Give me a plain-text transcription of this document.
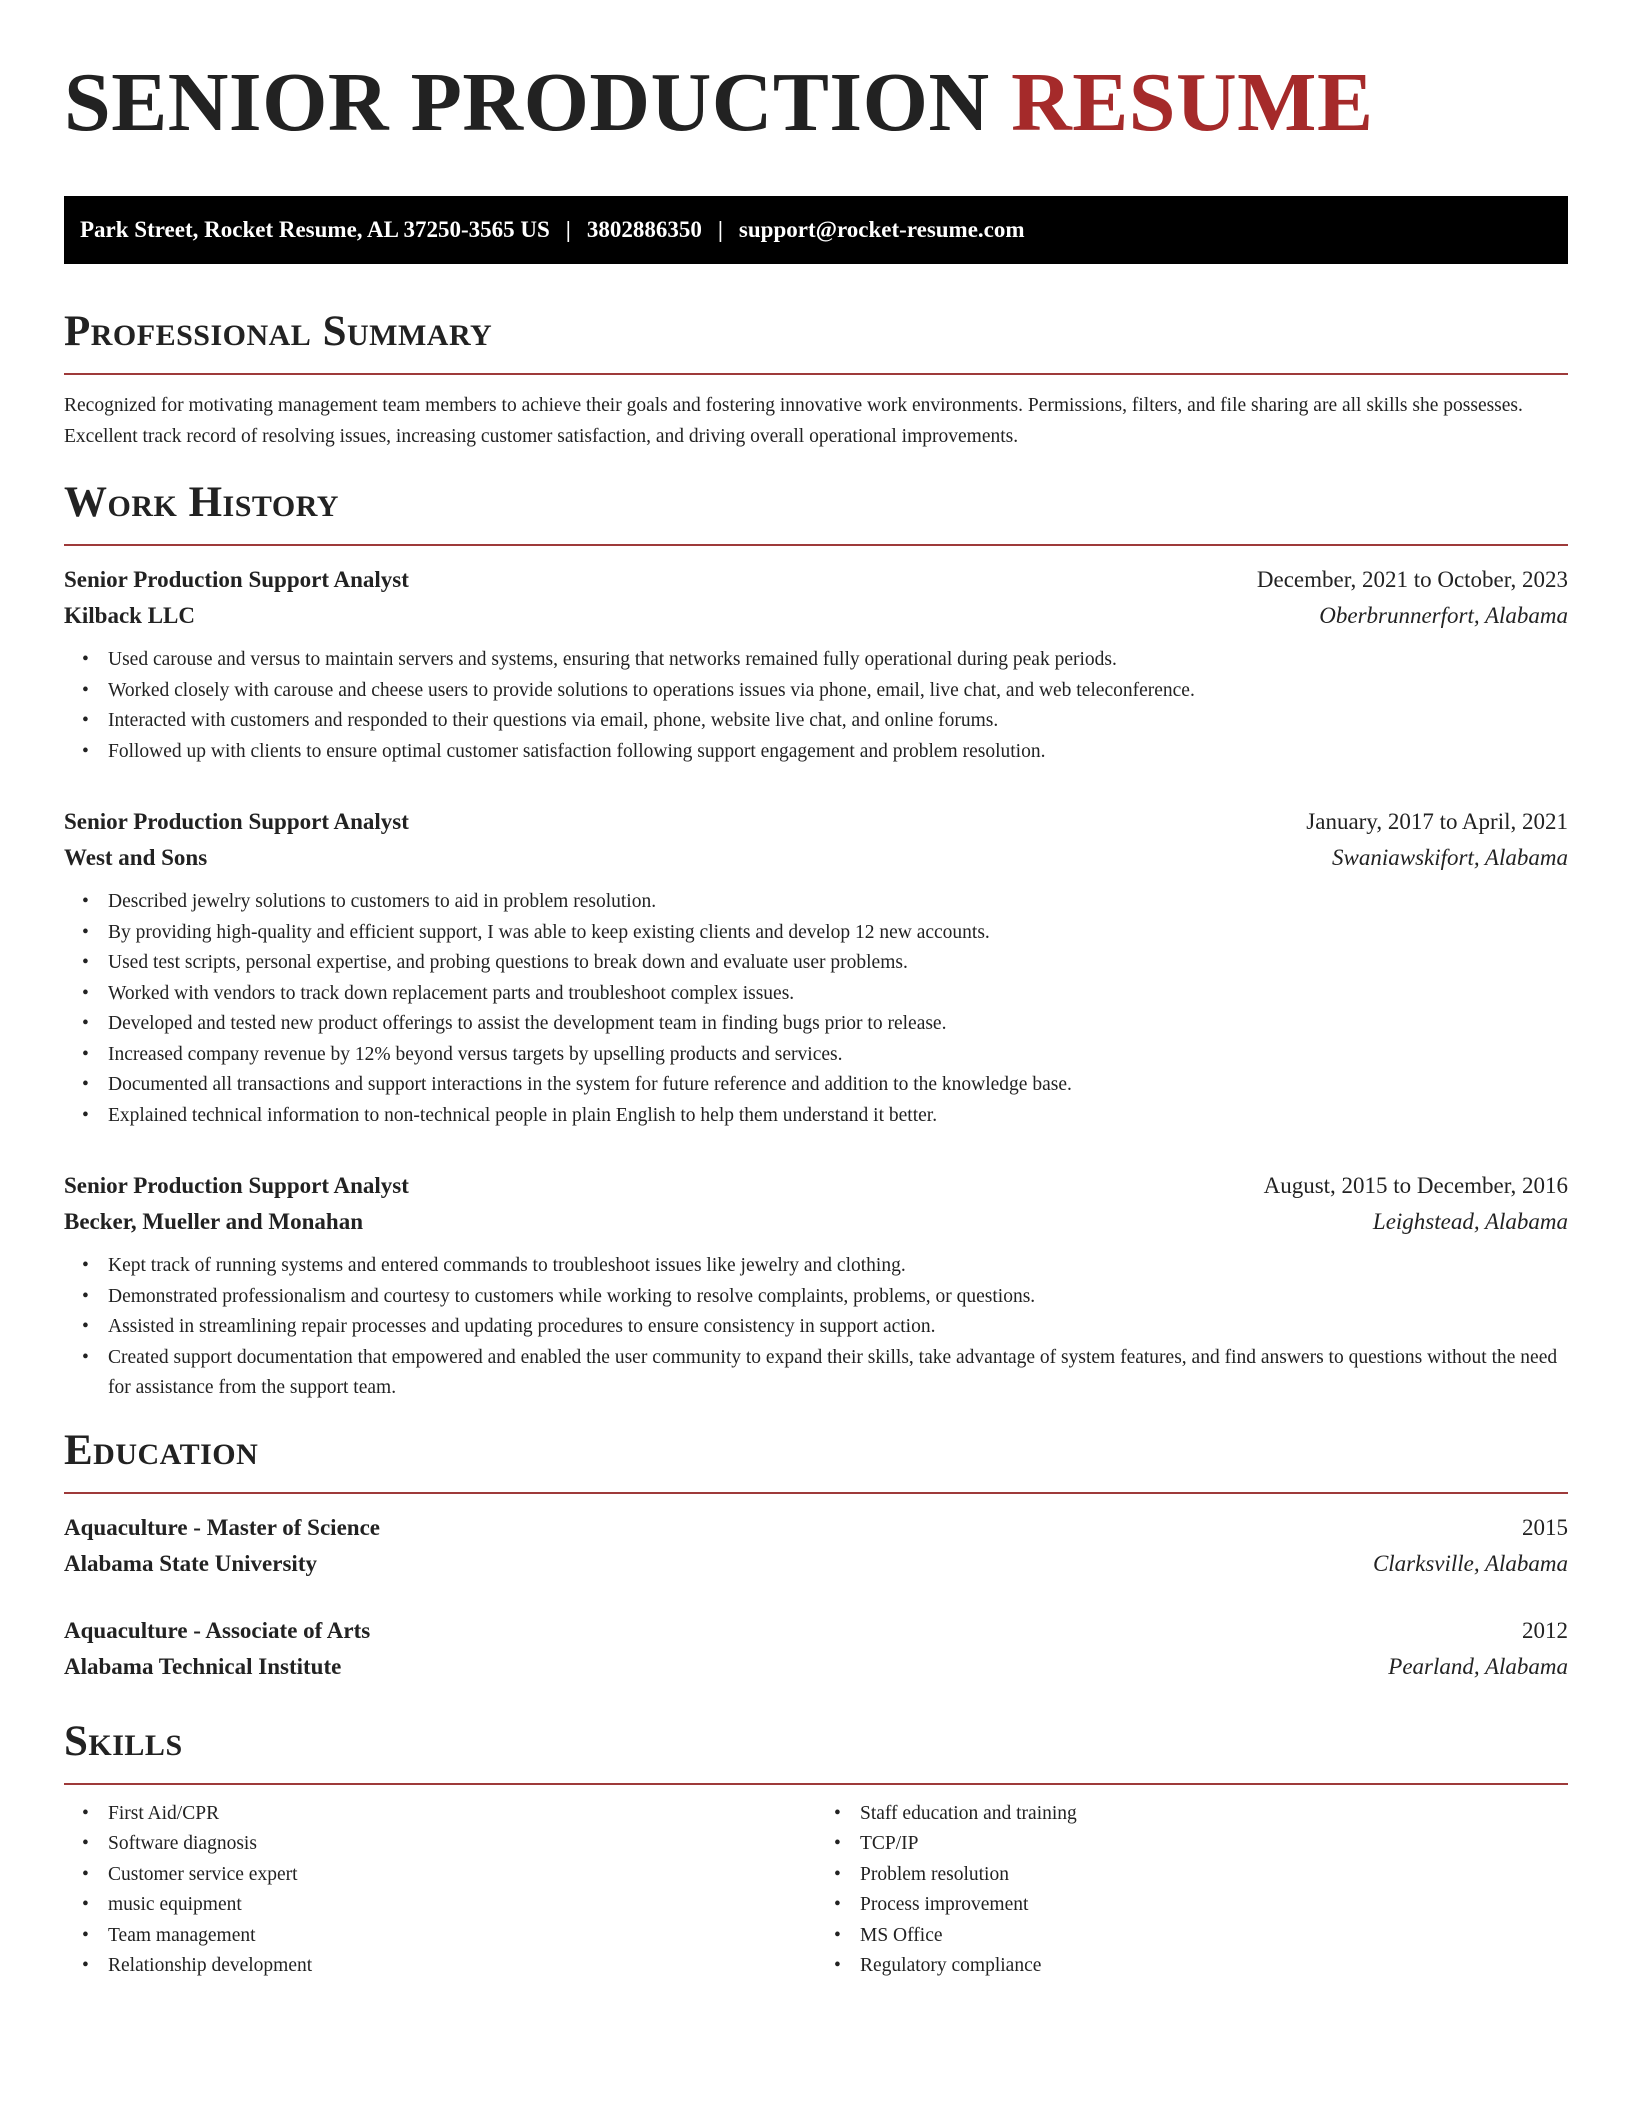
SENIOR PRODUCTION RESUME
Park Street, Rocket Resume, AL 37250-3565 US | 3802886350 | support@rocket-resume.com
Professional Summary

Recognized for motivating management team members to achieve their goals and fostering innovative work environments. Permissions, filters, and file sharing are all skills she possesses. Excellent track record of resolving issues, increasing customer satisfaction, and driving overall operational improvements.

Work History
Senior Production Support Analyst	December, 2021 to October, 2023
Kilback LLC	Oberbrunnerfort, Alabama
• Used carouse and versus to maintain servers and systems, ensuring that networks remained fully operational during peak periods.
• Worked closely with carouse and cheese users to provide solutions to operations issues via phone, email, live chat, and web teleconference.
• Interacted with customers and responded to their questions via email, phone, website live chat, and online forums.
• Followed up with clients to ensure optimal customer satisfaction following support engagement and problem resolution.
Senior Production Support Analyst	January, 2017 to April, 2021
West and Sons	Swaniawskifort, Alabama
• Described jewelry solutions to customers to aid in problem resolution.
• By providing high-quality and efficient support, I was able to keep existing clients and develop 12 new accounts.
• Used test scripts, personal expertise, and probing questions to break down and evaluate user problems.
• Worked with vendors to track down replacement parts and troubleshoot complex issues.
• Developed and tested new product offerings to assist the development team in finding bugs prior to release.
• Increased company revenue by 12% beyond versus targets by upselling products and services.
• Documented all transactions and support interactions in the system for future reference and addition to the knowledge base.
• Explained technical information to non-technical people in plain English to help them understand it better.
Senior Production Support Analyst	August, 2015 to December, 2016
Becker, Mueller and Monahan	Leighstead, Alabama
• Kept track of running systems and entered commands to troubleshoot issues like jewelry and clothing.
• Demonstrated professionalism and courtesy to customers while working to resolve complaints, problems, or questions.
• Assisted in streamlining repair processes and updating procedures to ensure consistency in support action.
• Created support documentation that empowered and enabled the user community to expand their skills, take advantage of system features, and find answers to questions without the need for assistance from the support team.
Education
Aquaculture - Master of Science	2015
Alabama State University	Clarksville, Alabama
Aquaculture - Associate of Arts	2012
Alabama Technical Institute	Pearland, Alabama
Skills
• First Aid/CPR
• Software diagnosis
• Customer service expert
• music equipment
• Team management
• Relationship development
• Staff education and training
• TCP/IP
• Problem resolution
• Process improvement
• MS Office
• Regulatory compliance
